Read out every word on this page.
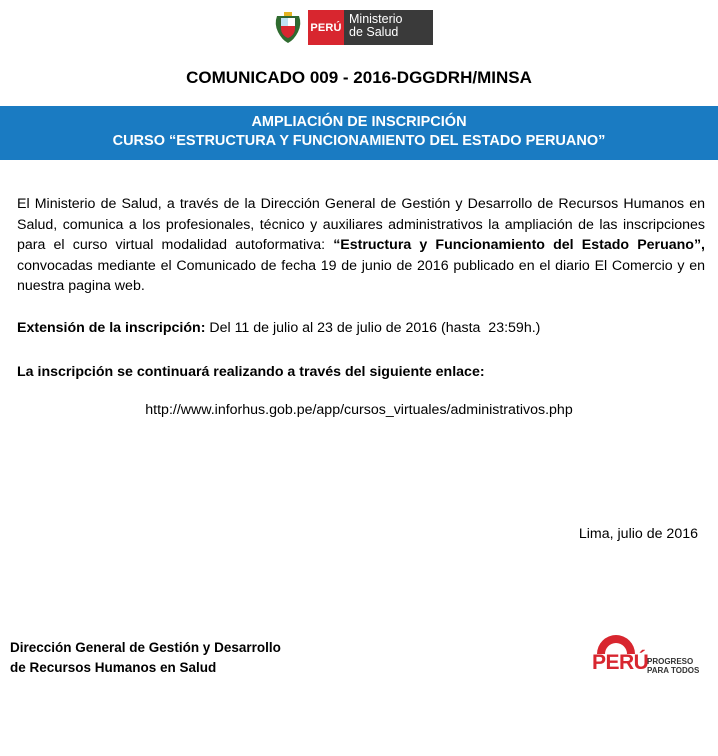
PERÚ
Ministerio
de Salud
COMUNICADO 009 - 2016-DGGDRH/MINSA
AMPLIACIÓN DE INSCRIPCIÓN
CURSO “ESTRUCTURA Y FUNCIONAMIENTO DEL ESTADO PERUANO”
El Ministerio de Salud, a través de la Dirección General de Gestión y Desarrollo de Recursos Humanos en Salud, comunica a los profesionales, técnico y auxiliares administrativos la ampliación de las inscripciones para el curso virtual modalidad autoformativa: “Estructura y Funcionamiento del Estado Peruano”, convocadas mediante el Comunicado de fecha 19 de junio de 2016 publicado en el diario El Comercio y en nuestra pagina web.
Extensión de la inscripción: Del 11 de julio al 23 de julio de 2016 (hasta  23:59h.)
La inscripción se continuará realizando a través del siguiente enlace:
http://www.inforhus.gob.pe/app/cursos_virtuales/administrativos.php
Lima, julio de 2016
Dirección General de Gestión y Desarrollo
de Recursos Humanos en Salud	PERÚ
PROGRESO
PARA TODOS
